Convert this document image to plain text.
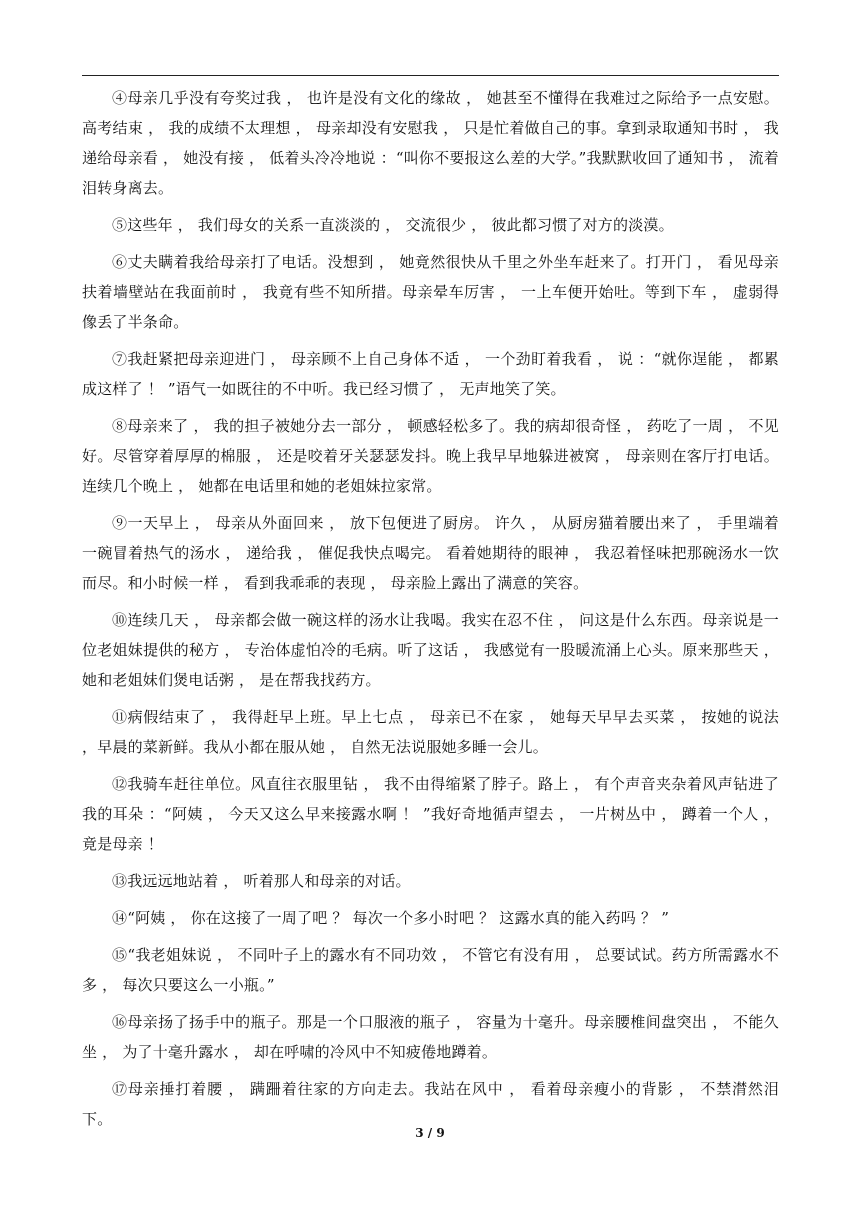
④母亲几乎没有夸奖过我 ， 也许是没有文化的缘故 ， 她甚至不懂得在我难过之际给予一点安慰。高考结束 ， 我的成绩不太理想 ， 母亲却没有安慰我 ， 只是忙着做自己的事。拿到录取通知书时 ， 我递给母亲看 ， 她没有接 ， 低着头冷冷地说 ：“叫你不要报这么差的大学。”我默默收回了通知书 ， 流着泪转身离去。

⑤这些年 ， 我们母女的关系一直淡淡的 ， 交流很少 ， 彼此都习惯了对方的淡漠。

⑥丈夫瞒着我给母亲打了电话。没想到 ， 她竟然很快从千里之外坐车赶来了。打开门 ， 看见母亲扶着墙壁站在我面前时 ， 我竟有些不知所措。母亲晕车厉害 ， 一上车便开始吐。等到下车 ， 虚弱得像丢了半条命。

⑦我赶紧把母亲迎进门 ， 母亲顾不上自己身体不适 ， 一个劲盯着我看 ， 说 ：“就你逞能 ， 都累成这样了 ！ ”语气一如既往的不中听。我已经习惯了 ， 无声地笑了笑。

⑧母亲来了 ， 我的担子被她分去一部分 ， 顿感轻松多了。我的病却很奇怪 ， 药吃了一周 ， 不见好。尽管穿着厚厚的棉服 ， 还是咬着牙关瑟瑟发抖。晚上我早早地躲进被窝 ， 母亲则在客厅打电话。连续几个晚上 ， 她都在电话里和她的老姐妹拉家常。

⑨一天早上 ， 母亲从外面回来 ， 放下包便进了厨房。 许久 ， 从厨房猫着腰出来了 ， 手里端着一碗冒着热气的汤水 ， 递给我 ， 催促我快点喝完。 看着她期待的眼神 ， 我忍着怪味把那碗汤水一饮而尽。和小时候一样 ， 看到我乖乖的表现 ， 母亲脸上露出了满意的笑容。

⑩连续几天 ， 母亲都会做一碗这样的汤水让我喝。我实在忍不住 ， 问这是什么东西。母亲说是一位老姐妹提供的秘方 ， 专治体虚怕冷的毛病。听了这话 ， 我感觉有一股暖流涌上心头。原来那些天 ，她和老姐妹们煲电话粥 ， 是在帮我找药方。

⑪病假结束了 ， 我得赶早上班。早上七点 ， 母亲已不在家 ， 她每天早早去买菜 ， 按她的说法 ，早晨的菜新鲜。我从小都在服从她 ， 自然无法说服她多睡一会儿。

⑫我骑车赶往单位。风直往衣服里钻 ， 我不由得缩紧了脖子。路上 ， 有个声音夹杂着风声钻进了我的耳朵 ：“阿姨 ， 今天又这么早来接露水啊 ！ ”我好奇地循声望去 ， 一片树丛中 ， 蹲着一个人 ，竟是母亲 ！

⑬我远远地站着 ， 听着那人和母亲的对话。

⑭“阿姨 ， 你在这接了一周了吧 ？ 每次一个多小时吧 ？ 这露水真的能入药吗 ？ ”

⑮“我老姐妹说 ， 不同叶子上的露水有不同功效 ， 不管它有没有用 ， 总要试试。药方所需露水不多 ， 每次只要这么一小瓶。”

⑯母亲扬了扬手中的瓶子。那是一个口服液的瓶子 ， 容量为十毫升。母亲腰椎间盘突出 ， 不能久坐 ， 为了十毫升露水 ， 却在呼啸的冷风中不知疲倦地蹲着。

⑰母亲捶打着腰 ， 蹒跚着往家的方向走去。我站在风中 ， 看着母亲瘦小的背影 ， 不禁潸然泪下。

3 / 9
